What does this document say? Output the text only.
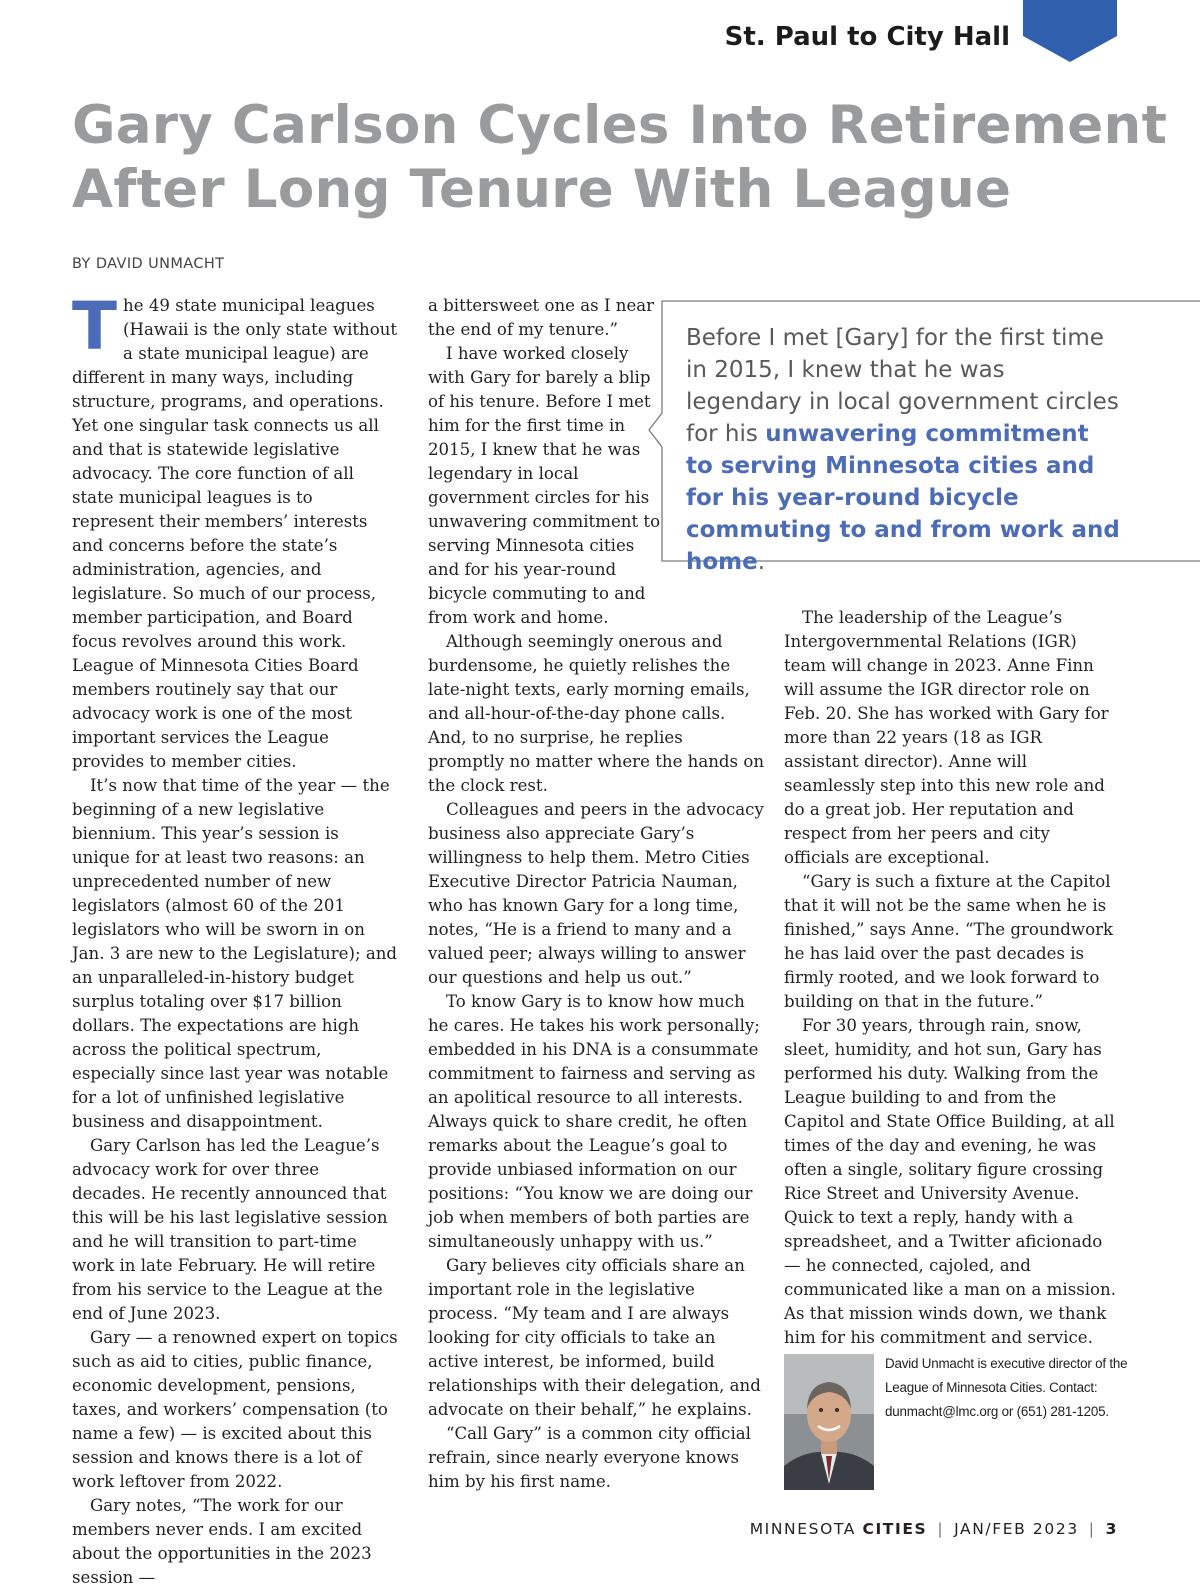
St. Paul to City Hall
Gary Carlson Cycles Into Retirement After Long Tenure With League
BY DAVID UNMACHT
T he 49 state municipal leagues (Hawaii is the only state without a state municipal league) are different in many ways, including structure, programs, and operations.

Yet one singular task connects us all and that is statewide legislative advocacy. The core function of all state municipal leagues is to represent their members’ interests and concerns before the state’s administration, agencies, and legislature. So much of our process, member participation, and Board focus revolves around this work. League of Minnesota Cities Board members routinely say that our advocacy work is one of the most important services the League provides to member cities.

It’s now that time of the year — the beginning of a new legislative biennium. This year’s session is unique for at least two reasons: an unprecedented number of new legislators (almost 60 of the 201 legislators who will be sworn in on Jan. 3 are new to the Legislature); and an unparalleled-in-history budget surplus totaling over $17 billion dollars. The expectations are high across the political spectrum, especially since last year was notable for a lot of unfinished legislative business and disappointment.

Gary Carlson has led the League’s advocacy work for over three decades. He recently announced that this will be his last legislative session and he will transition to part-time work in late February. He will retire from his service to the League at the end of June 2023.

Gary — a renowned expert on topics such as aid to cities, public finance, economic development, pensions, taxes, and workers’ compensation (to name a few) — is excited about this session and knows there is a lot of work leftover from 2022.

Gary notes, “The work for our members never ends. I am excited about the opportunities in the 2023 session —

a bittersweet one as I near the end of my tenure.”

I have worked closely with Gary for barely a blip of his tenure. Before I met him for the first time in 2015, I knew that he was legendary in local government circles for his unwavering commitment to serving Minnesota cities and for his year-round bicycle commuting to and from work and home.

Although seemingly onerous and burdensome, he quietly relishes the late-night texts, early morning emails, and all-hour-of-the-day phone calls. And, to no surprise, he replies promptly no matter where the hands on the clock rest.

Colleagues and peers in the advocacy business also appreciate Gary’s willingness to help them. Metro Cities Executive Director Patricia Nauman, who has known Gary for a long time, notes, “He is a friend to many and a valued peer; always willing to answer our questions and help us out.”

To know Gary is to know how much he cares. He takes his work personally; embedded in his DNA is a consummate commitment to fairness and serving as an apolitical resource to all interests. Always quick to share credit, he often remarks about the League’s goal to provide unbiased information on our positions: “You know we are doing our job when members of both parties are simultaneously unhappy with us.”

Gary believes city officials share an important role in the legislative process. “My team and I are always looking for city officials to take an active interest, be informed, build relationships with their delegation, and advocate on their behalf,” he explains.

“Call Gary” is a common city official refrain, since nearly everyone knows him by his first name.

The leadership of the League’s Intergovernmental Relations (IGR) team will change in 2023. Anne Finn will assume the IGR director role on Feb. 20. She has worked with Gary for more than 22 years (18 as IGR assistant director). Anne will seamlessly step into this new role and do a great job. Her reputation and respect from her peers and city officials are exceptional.

“Gary is such a fixture at the Capitol that it will not be the same when he is finished,” says Anne. “The groundwork he has laid over the past decades is firmly rooted, and we look forward to building on that in the future.”

For 30 years, through rain, snow, sleet, humidity, and hot sun, Gary has performed his duty. Walking from the League building to and from the Capitol and State Office Building, at all times of the day and evening, he was often a single, solitary figure crossing Rice Street and University Avenue. Quick to text a reply, handy with a spreadsheet, and a Twitter aficionado — he connected, cajoled, and communicated like a man on a mission. As that mission winds down, we thank him for his commitment and service.

Before I met [Gary] for the first time in 2015, I knew that he was legendary in local government circles for his unwavering commitment to serving Minnesota cities and for his year-round bicycle commuting to and from work and home.

David Unmacht is executive director of the League of Minnesota Cities. Contact: dunmacht@lmc.org or (651) 281-1205.

MINNESOTA CITIES | JAN/FEB 2023 | 3
